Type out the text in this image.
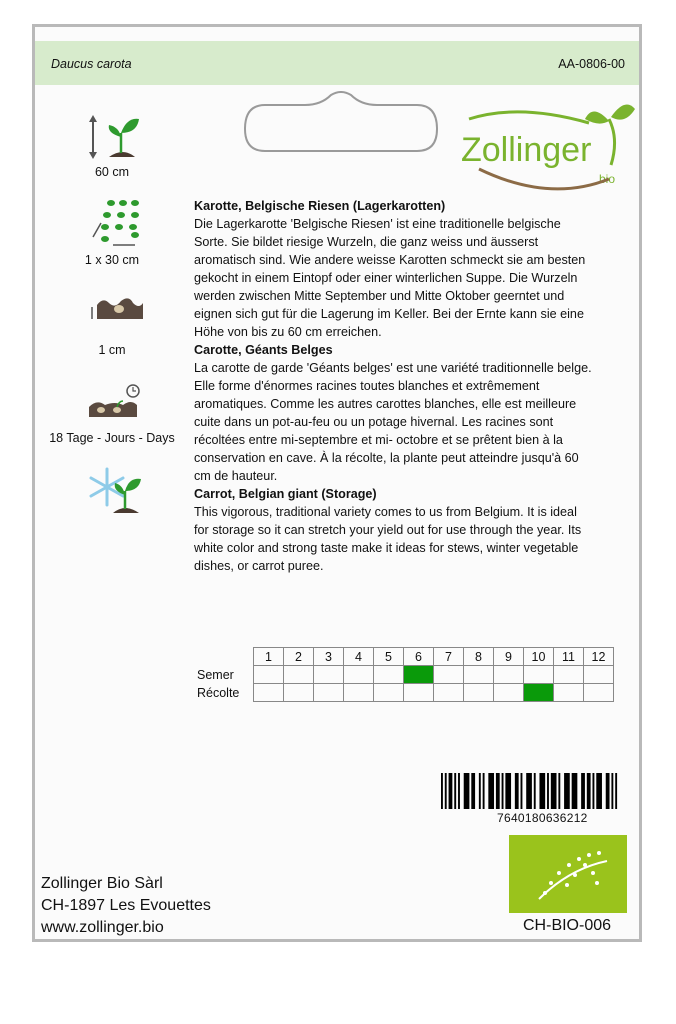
Daucus carota	AA-0806-00
Zollinger
bio
60 cm
1 x 30 cm
1 cm
18 Tage - Jours - Days

Karotte, Belgische Riesen (Lagerkarotten)

Die Lagerkarotte 'Belgische Riesen' ist eine traditionelle belgische Sorte. Sie bildet riesige Wurzeln, die ganz weiss und äusserst aromatisch sind. Wie andere weisse Karotten schmeckt sie am besten gekocht in einem Eintopf oder einer winterlichen Suppe. Die Wurzeln werden zwischen Mitte September und Mitte Oktober geerntet und eignen sich gut für die Lagerung im Keller. Bei der Ernte kann sie eine Höhe von bis zu 60 cm erreichen.

Carotte, Géants Belges

La carotte de garde 'Géants belges' est une variété traditionnelle belge. Elle forme d'énormes racines toutes blanches et extrêmement aromatiques. Comme les autres carottes blanches, elle est meilleure cuite dans un pot-au-feu ou un potage hivernal. Les racines sont récoltées entre mi-septembre et mi- octobre et se prêtent bien à la conservation en cave. À la récolte, la plante peut atteindre jusqu'à 60 cm de hauteur.

Carrot, Belgian giant (Storage)

This vigorous, traditional variety comes to us from Belgium. It is ideal for storage so it can stretch your yield out for use through the year. Its white color and strong taste make it ideas for stews, winter vegetable dishes, or carrot puree.

1	2	3	4	5	6	7	8	9	10	11	12

Semer
Récolte
7640180636212
Zollinger Bio Sàrl
CH-1897 Les Evouettes
www.zollinger.bio	CH-BIO-006
